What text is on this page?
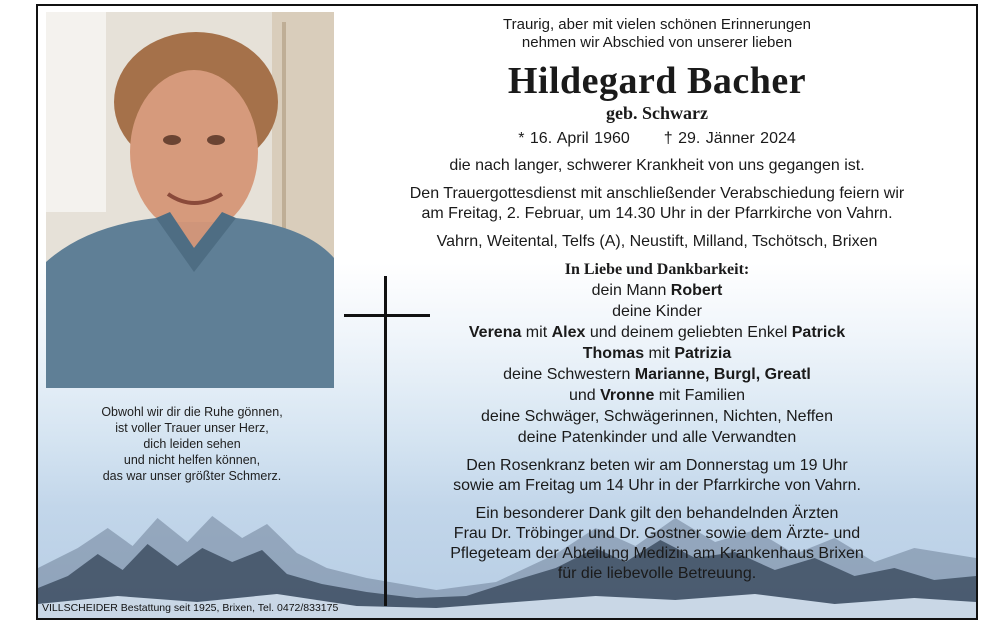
Obwohl wir dir die Ruhe gönnen,
ist voller Trauer unser Herz,
dich leiden sehen
und nicht helfen können,
das war unser größter Schmerz.
Traurig, aber mit vielen schönen Erinnerungen
nehmen wir Abschied von unserer lieben
Hildegard Bacher
geb. Schwarz
* 16. April 1960 † 29. Jänner 2024
die nach langer, schwerer Krankheit von uns gegangen ist.
Den Trauergottesdienst mit anschließender Verabschiedung feiern wir
am Freitag, 2. Februar, um 14.30 Uhr in der Pfarrkirche von Vahrn.
Vahrn, Weitental, Telfs (A), Neustift, Milland, Tschötsch, Brixen
In Liebe und Dankbarkeit:
dein Mann Robert
deine Kinder
Verena mit Alex und deinem geliebten Enkel Patrick
Thomas mit Patrizia
deine Schwestern Marianne, Burgl, Greatl
und Vronne mit Familien
deine Schwäger, Schwägerinnen, Nichten, Neffen
deine Patenkinder und alle Verwandten
Den Rosenkranz beten wir am Donnerstag um 19 Uhr
sowie am Freitag um 14 Uhr in der Pfarrkirche von Vahrn.
Ein besonderer Dank gilt den behandelnden Ärzten
Frau Dr. Tröbinger und Dr. Gostner sowie dem Ärzte- und
Pflegeteam der Abteilung Medizin am Krankenhaus Brixen
für die liebevolle Betreuung.
VILLSCHEIDER Bestattung seit 1925, Brixen, Tel. 0472/833175
